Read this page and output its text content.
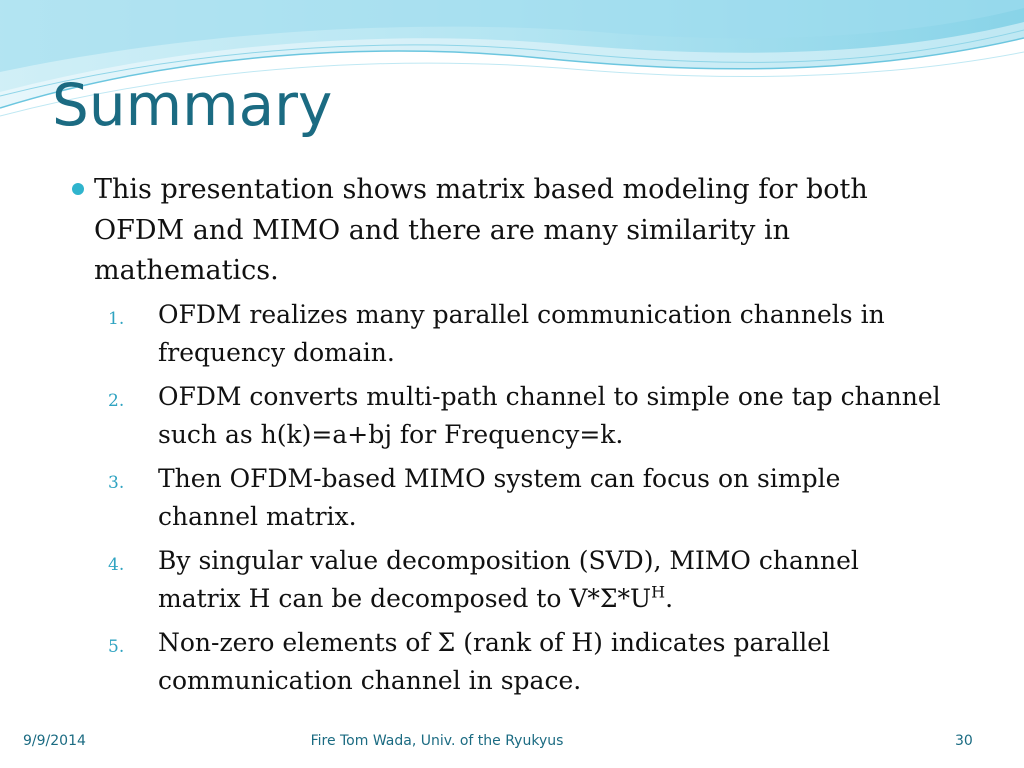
Summary
This presentation shows matrix based modeling for both OFDM and MIMO and there are many similarity in mathematics.
1.	OFDM realizes many parallel communication channels in frequency domain.
2.	OFDM converts multi-path channel to simple one tap channel such as h(k)=a+bj for Frequency=k.
3.	Then OFDM-based MIMO system can focus on simple channel matrix.
4.	By singular value decomposition (SVD), MIMO channel matrix H can be decomposed to $V*\Sigma*U^H$.
5.	Non-zero elements of Σ (rank of H) indicates parallel communication channel in space.
9/9/2014	Fire Tom Wada, Univ. of the Ryukyus	30
